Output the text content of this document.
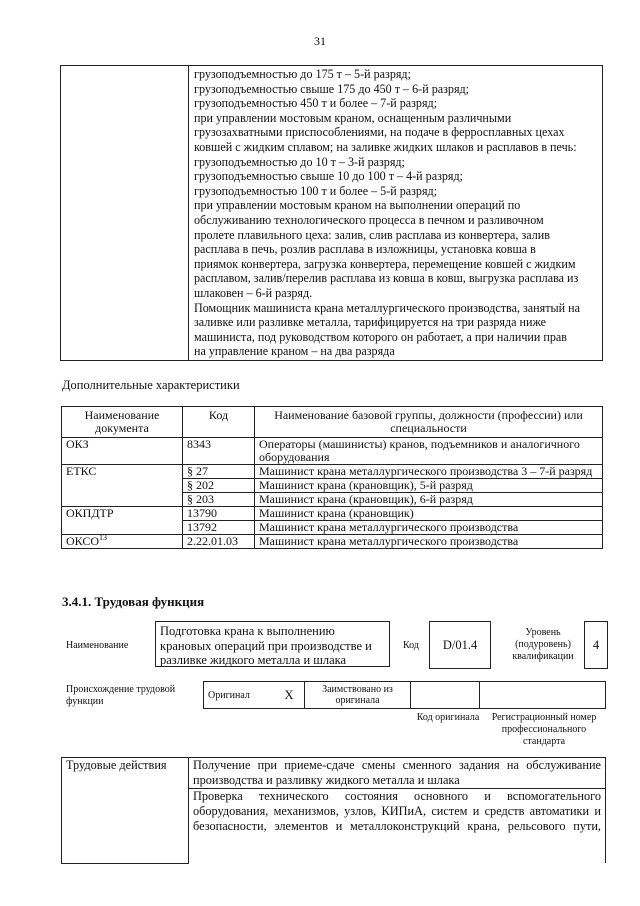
31

грузоподъемностью до 175 т – 5-й разряд;
грузоподъемностью свыше 175 до 450 т – 6-й разряд;
грузоподъемностью 450 т и более – 7-й разряд;
при управлении мостовым краном, оснащенным различными
грузозахватными приспособлениями, на подаче в ферросплавных цехах
ковшей с жидким сплавом; на заливке жидких шлаков и расплавов в печь:
грузоподъемностью до 10 т – 3-й разряд;
грузоподъемностью свыше 10 до 100 т – 4-й разряд;
грузоподъемностью 100 т и более – 5-й разряд;
при управлении мостовым краном на выполнении операций по
обслуживанию технологического процесса в печном и разливочном
пролете плавильного цеха: залив, слив расплава из конвертера, залив
расплава в печь, розлив расплава в изложницы, установка ковша в
приямок конвертера, загрузка конвертера, перемещение ковшей с жидким
расплавом, залив/перелив расплава из ковша в ковш, выгрузка расплава из
шлаковен – 6-й разряд.
Помощник машиниста крана металлургического производства, занятый на
заливке или разливке металла, тарифицируется на три разряда ниже
машиниста, под руководством которого он работает, а при наличии прав
на управление краном – на два разряда
Дополнительные характеристики
Наименование документа	Код	Наименование базовой группы, должности (профессии) или специальности
ОКЗ	8343	Операторы (машинисты) кранов, подъемников и аналогичного оборудования
ЕТКС	§ 27	Машинист крана металлургического производства 3 – 7-й разряд
	§ 202	Машинист крана (крановщик), 5-й разряд
	§ 203	Машинист крана (крановщик), 6-й разряд
ОКПДТР	13790	Машинист крана (крановщик)
	13792	Машинист крана металлургического производства
ОКСО$^{13}$	2.22.01.03	Машинист крана металлургического производства
3.4.1. Трудовая функция
Наименование
Подготовка крана к выполнению крановых операций при производстве и разливке жидкого металла и шлака
Код	D/01.4
Уровень (подуровень) квалификации
4
Происхождение трудовой функции
Оригинал	X	Заимствовано из оригинала		
Код оригинала	Регистрационный номер профессионального стандарта
Трудовые действия	Получение при приеме-сдаче смены сменного задания на обслуживание производства и разливку жидкого металла и шлака

Проверка технического состояния основного и вспомогательного
оборудования, механизмов, узлов, КИПиА, систем и средств автоматики и
безопасности, элементов и металлоконструкций крана, рельсового пути,
